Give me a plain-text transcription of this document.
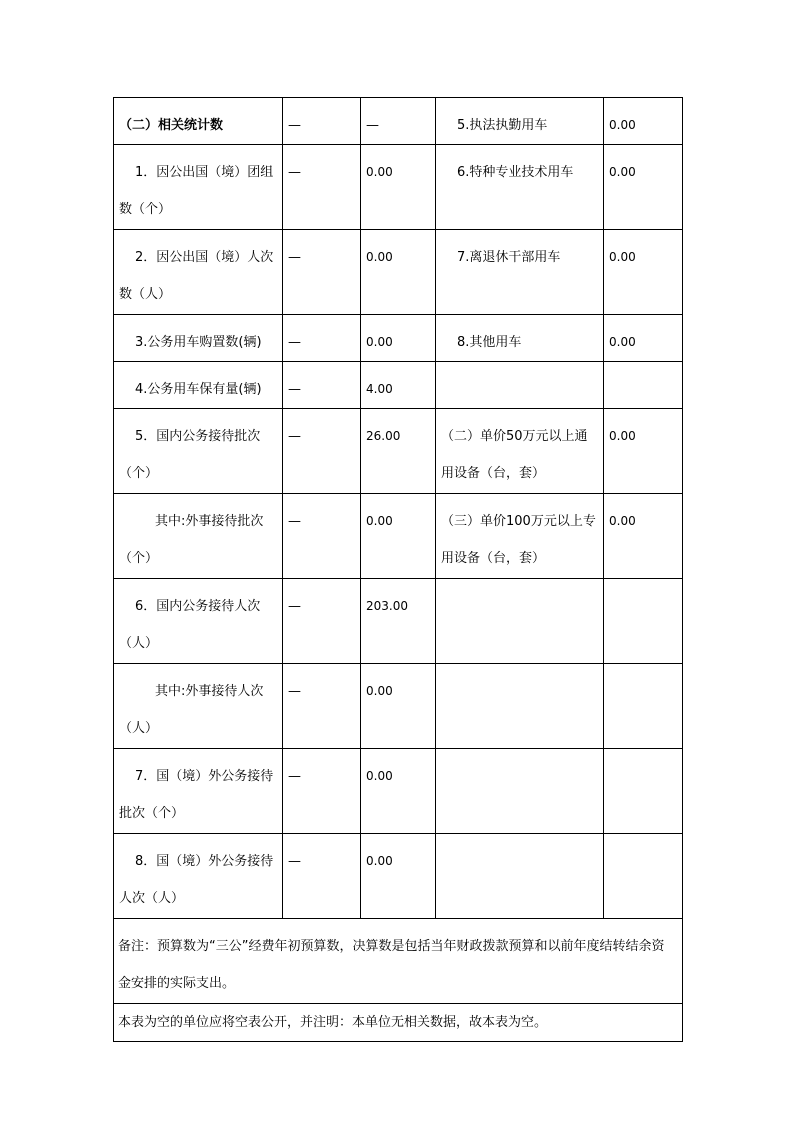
（二）相关统计数	—	—	5.执法执勤用车	0.00
1．因公出国（境）团组数（个）	—	0.00	6.特种专业技术用车	0.00
2．因公出国（境）人次数（人）	—	0.00	7.离退休干部用车	0.00
3.公务用车购置数(辆)	—	0.00	8.其他用车	0.00
4.公务用车保有量(辆)	—	4.00		
5．国内公务接待批次（个）	—	26.00	（二）单价50万元以上通用设备（台，套）	0.00
其中:外事接待批次（个）	—	0.00	（三）单价100万元以上专用设备（台，套）	0.00
6．国内公务接待人次（人）	—	203.00		
其中:外事接待人次（人）	—	0.00		
7．国（境）外公务接待批次（个）	—	0.00		
8．国（境）外公务接待人次（人）	—	0.00		
备注：预算数为“三公”经费年初预算数，决算数是包括当年财政拨款预算和以前年度结转结余资金安排的实际支出。				
本表为空的单位应将空表公开，并注明：本单位无相关数据，故本表为空。				
